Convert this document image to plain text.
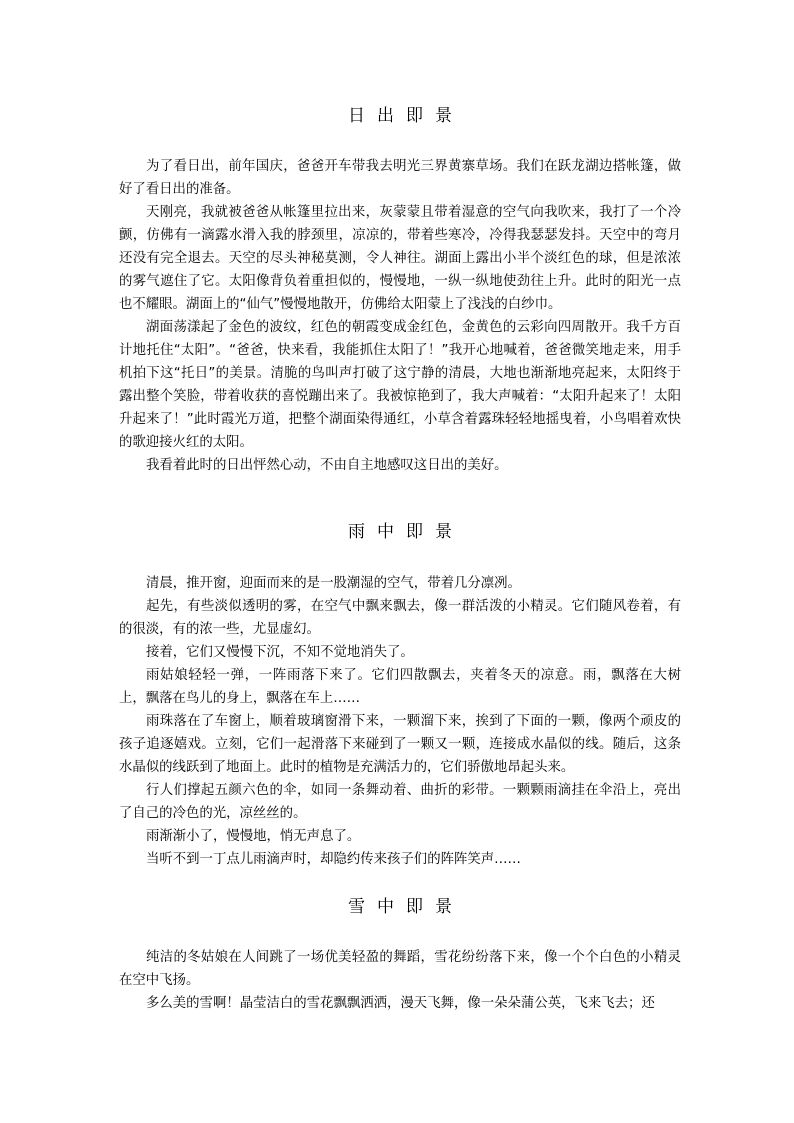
日出即景

为了看日出，前年国庆，爸爸开车带我去明光三界黄寨草场。我们在跃龙湖边搭帐篷，做好了看日出的准备。

天刚亮，我就被爸爸从帐篷里拉出来，灰蒙蒙且带着湿意的空气向我吹来，我打了一个冷颤，仿佛有一滴露水滑入我的脖颈里，凉凉的，带着些寒冷，冷得我瑟瑟发抖。天空中的弯月还没有完全退去。天空的尽头神秘莫测，令人神往。湖面上露出小半个淡红色的球，但是浓浓的雾气遮住了它。太阳像背负着重担似的，慢慢地，一纵一纵地使劲往上升。此时的阳光一点也不耀眼。湖面上的“仙气”慢慢地散开，仿佛给太阳蒙上了浅浅的白纱巾。

湖面荡漾起了金色的波纹，红色的朝霞变成金红色，金黄色的云彩向四周散开。我千方百计地托住“太阳”。“爸爸，快来看，我能抓住太阳了！”我开心地喊着，爸爸微笑地走来，用手机拍下这“托日”的美景。清脆的鸟叫声打破了这宁静的清晨，大地也渐渐地亮起来，太阳终于露出整个笑脸，带着收获的喜悦蹦出来了。我被惊艳到了，我大声喊着：“太阳升起来了！太阳升起来了！”此时霞光万道，把整个湖面染得通红，小草含着露珠轻轻地摇曳着，小鸟唱着欢快的歌迎接火红的太阳。

我看着此时的日出怦然心动，不由自主地感叹这日出的美好。

雨中即景

清晨，推开窗，迎面而来的是一股潮湿的空气，带着几分凛冽。

起先，有些淡似透明的雾，在空气中飘来飘去，像一群活泼的小精灵。它们随风卷着，有的很淡，有的浓一些，尤显虚幻。

接着，它们又慢慢下沉，不知不觉地消失了。

雨姑娘轻轻一弹，一阵雨落下来了。它们四散飘去，夹着冬天的凉意。雨，飘落在大树上，飘落在鸟儿的身上，飘落在车上……

雨珠落在了车窗上，顺着玻璃窗滑下来，一颗溜下来，挨到了下面的一颗，像两个顽皮的孩子追逐嬉戏。立刻，它们一起滑落下来碰到了一颗又一颗，连接成水晶似的线。随后，这条水晶似的线跃到了地面上。此时的植物是充满活力的，它们骄傲地昂起头来。

行人们撑起五颜六色的伞，如同一条舞动着、曲折的彩带。一颗颗雨滴挂在伞沿上，亮出了自己的冷色的光，凉丝丝的。

雨渐渐小了，慢慢地，悄无声息了。

当听不到一丁点儿雨滴声时，却隐约传来孩子们的阵阵笑声……

雪中即景

纯洁的冬姑娘在人间跳了一场优美轻盈的舞蹈，雪花纷纷落下来，像一个个白色的小精灵在空中飞扬。

多么美的雪啊！晶莹洁白的雪花飘飘洒洒，漫天飞舞，像一朵朵蒲公英，飞来飞去；还
